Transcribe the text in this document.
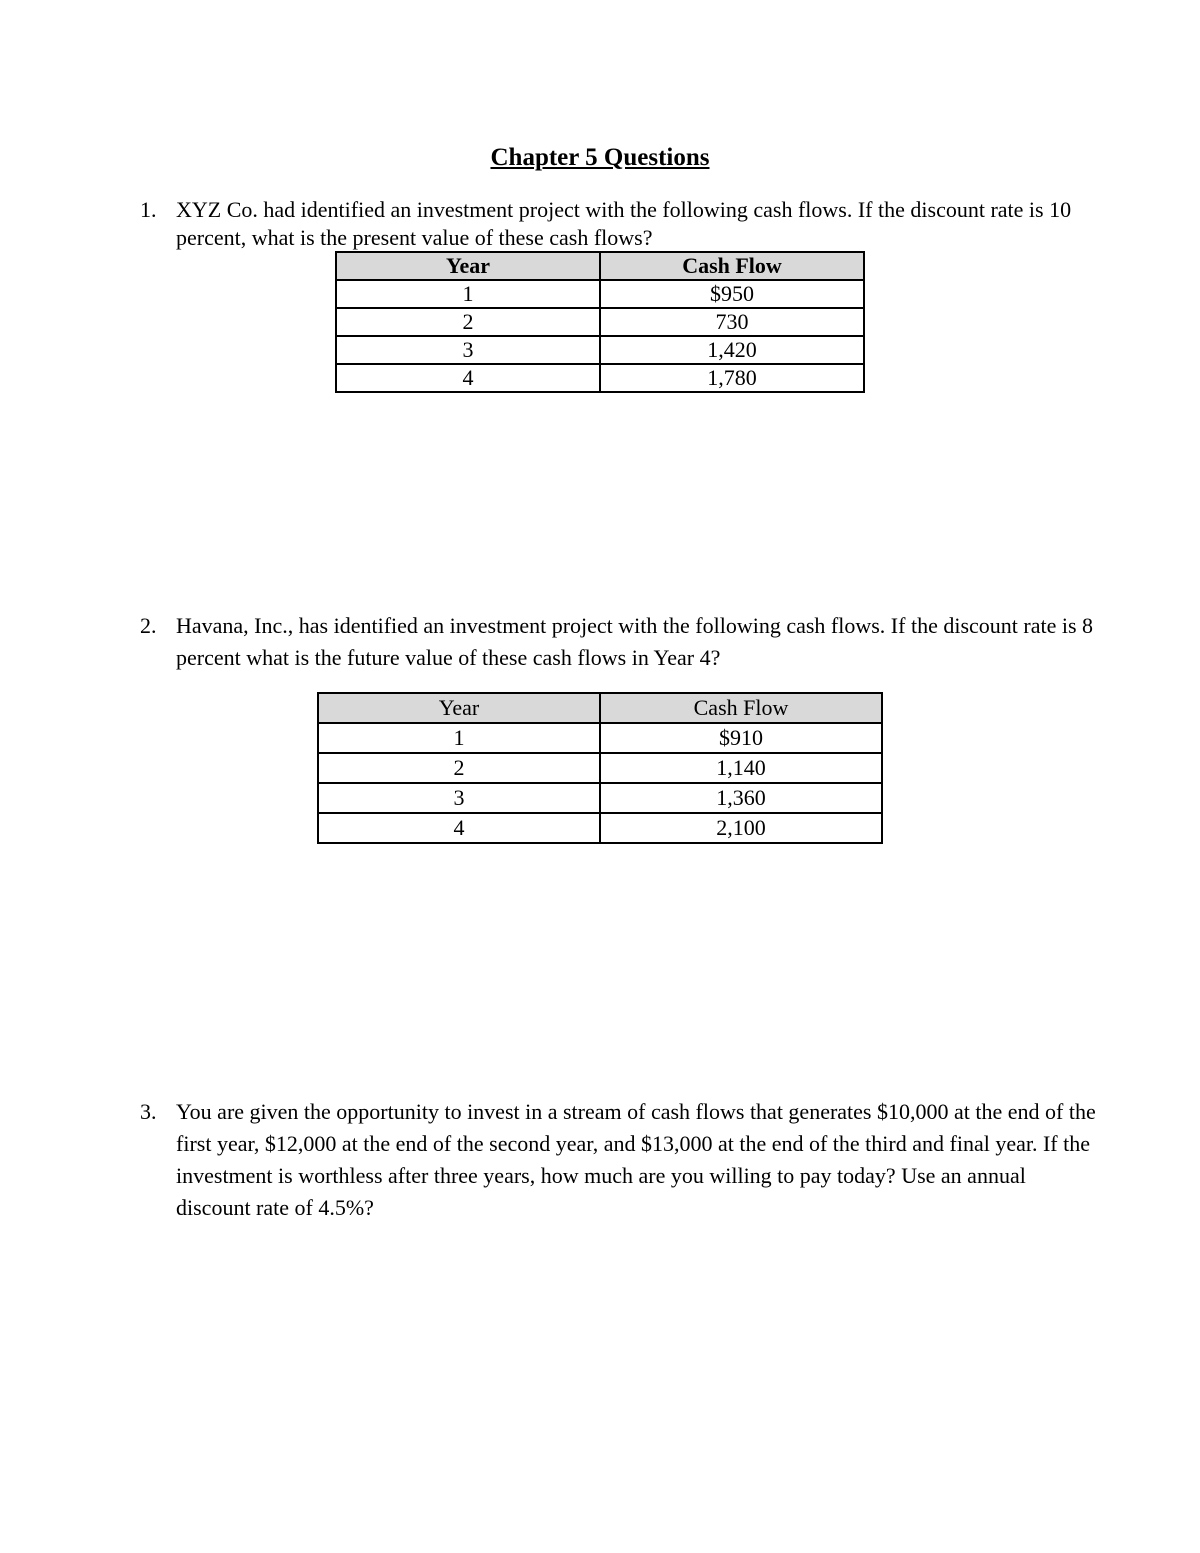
Chapter 5 Questions
1. XYZ Co. had identified an investment project with the following cash flows. If the discount rate is 10 percent, what is the present value of these cash flows?
Year	Cash Flow
1	$950
2	730
3	1,420
4	1,780
2. Havana, Inc., has identified an investment project with the following cash flows. If the discount rate is 8 percent what is the future value of these cash flows in Year 4?
Year	Cash Flow
1	$910
2	1,140
3	1,360
4	2,100
3. You are given the opportunity to invest in a stream of cash flows that generates $10,000 at the end of the first year, $12,000 at the end of the second year, and $13,000 at the end of the third and final year. If the investment is worthless after three years, how much are you willing to pay today? Use an annual discount rate of 4.5%?
